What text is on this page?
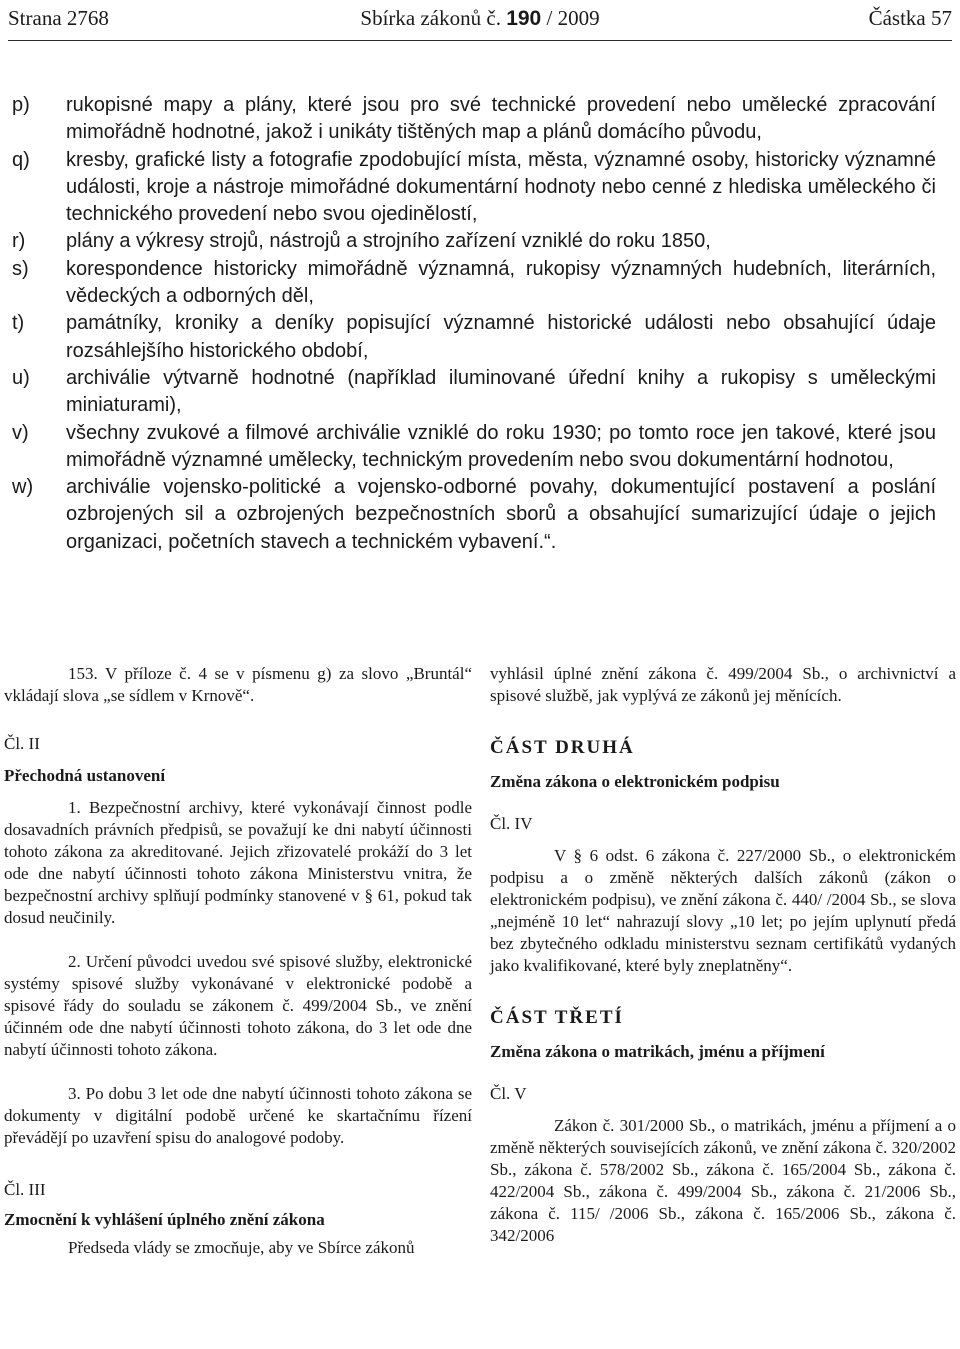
Strana 2768	Sbírka zákonů č. 190 / 2009	Částka 57
p)	rukopisné mapy a plány, které jsou pro své technické provedení nebo umělecké zpracování mimořádně hodnotné, jakož i unikáty tištěných map a plánů domácího původu,
q)	kresby, grafické listy a fotografie zpodobující místa, města, významné osoby, historicky významné události, kroje a nástroje mimořádné dokumentární hodnoty nebo cenné z hlediska uměleckého či technického provedení nebo svou ojedinělostí,
r)	plány a výkresy strojů, nástrojů a strojního zařízení vzniklé do roku 1850,
s)	korespondence historicky mimořádně významná, rukopisy významných hudebních, literárních, vědeckých a odborných děl,
t)	památníky, kroniky a deníky popisující významné historické události nebo obsahující údaje rozsáhlejšího historického období,
u)	archiválie výtvarně hodnotné (například iluminované úřední knihy a rukopisy s uměleckými miniaturami),
v)	všechny zvukové a filmové archiválie vzniklé do roku 1930; po tomto roce jen takové, které jsou mimořádně významné umělecky, technickým provedením nebo svou dokumentární hodnotou,
w)	archiválie vojensko-politické a vojensko-odborné povahy, dokumentující postavení a poslání ozbrojených sil a ozbrojených bezpečnostních sborů a obsahující sumarizující údaje o jejich organizaci, početních stavech a technickém vybavení.“.

153. V příloze č. 4 se v písmenu g) za slovo „Bruntál“ vkládají slova „se sídlem v Krnově“.

Čl. II

Přechodná ustanovení

1. Bezpečnostní archivy, které vykonávají činnost podle dosavadních právních předpisů, se považují ke dni nabytí účinnosti tohoto zákona za akreditované. Jejich zřizovatelé prokáží do 3 let ode dne nabytí účinnosti tohoto zákona Ministerstvu vnitra, že bezpečnostní archivy splňují podmínky stanovené v § 61, pokud tak dosud neučinily.

2. Určení původci uvedou své spisové služby, elektronické systémy spisové služby vykonávané v elektronické podobě a spisové řády do souladu se zákonem č. 499/2004 Sb., ve znění účinném ode dne nabytí účinnosti tohoto zákona, do 3 let ode dne nabytí účinnosti tohoto zákona.

3. Po dobu 3 let ode dne nabytí účinnosti tohoto zákona se dokumenty v digitální podobě určené ke skartačnímu řízení převádějí po uzavření spisu do analogové podoby.

Čl. III

Zmocnění k vyhlášení úplného znění zákona

Předseda vlády se zmocňuje, aby ve Sbírce zákonů

vyhlásil úplné znění zákona č. 499/2004 Sb., o archivnictví a spisové službě, jak vyplývá ze zákonů jej měnících.

ČÁST DRUHÁ

Změna zákona o elektronickém podpisu

Čl. IV

V § 6 odst. 6 zákona č. 227/2000 Sb., o elektronickém podpisu a o změně některých dalších zákonů (zákon o elektronickém podpisu), ve znění zákona č. 440/ /2004 Sb., se slova „nejméně 10 let“ nahrazují slovy „10 let; po jejím uplynutí předá bez zbytečného odkladu ministerstvu seznam certifikátů vydaných jako kvalifikované, které byly zneplatněny“.

ČÁST TŘETÍ

Změna zákona o matrikách, jménu a příjmení

Čl. V

Zákon č. 301/2000 Sb., o matrikách, jménu a příjmení a o změně některých souvisejících zákonů, ve znění zákona č. 320/2002 Sb., zákona č. 578/2002 Sb., zákona č. 165/2004 Sb., zákona č. 422/2004 Sb., zákona č. 499/2004 Sb., zákona č. 21/2006 Sb., zákona č. 115/ /2006 Sb., zákona č. 165/2006 Sb., zákona č. 342/2006
